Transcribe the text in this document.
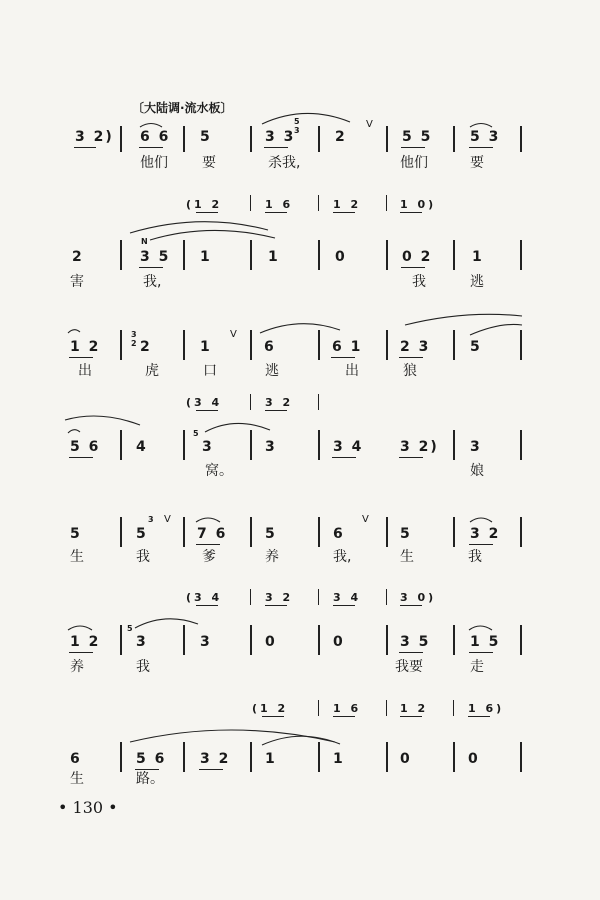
〔大陆调·流水板〕
3 2) 6 6 5	3 3	2	5 5	5 3
5
3
V
他们 要	杀我,	他们	要
(1 2	1 6	1 2	1 0)
2	3 5 1	1	0	0 2	1
N
害	我,	我	逃
1 2	2	1	6	6 1	2 3	5
3
2
V
出	虎	口	逃	出	狼
(3 4	3 2
5 6	4	3	3	3 4	3 2) 3
5
窝。	娘
5	5	7 6	5	6	5	3 2
3 V	V
生	我	爹	养	我,	生	我
(3 4	3 2	3 4	3 0)
1 2	3	3	0	0	3 5	1 5
5
养	我	我要	走
(1 2	1 6	1 2	1 6)
6	5 6 3 2 1	1	0	0
生	路。
• 130 •
